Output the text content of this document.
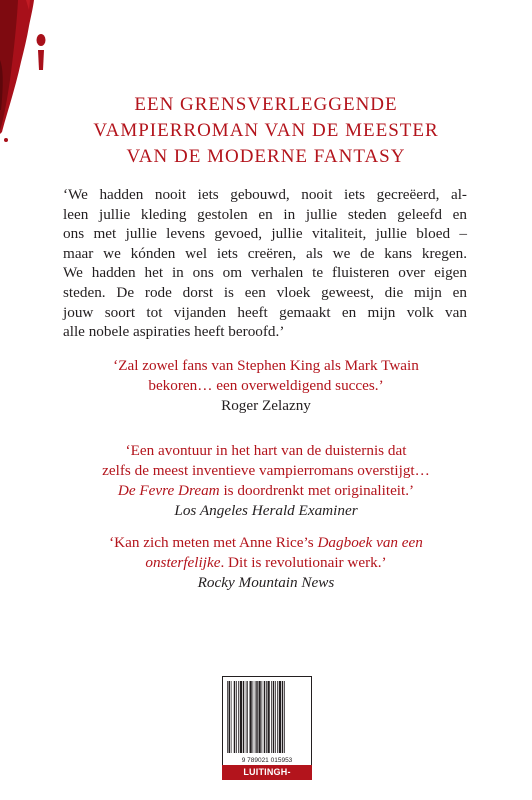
EEN GRENSVERLEGGENDE
VAMPIERROMAN VAN DE MEESTER
VAN DE MODERNE FANTASY
‘We hadden nooit iets gebouwd, nooit iets gecreëerd, al-
leen jullie kleding gestolen en in jullie steden geleefd en
ons met jullie levens gevoed, jullie vitaliteit, jullie bloed –
maar we kónden wel iets creëren, als we de kans kregen.
We hadden het in ons om verhalen te fluisteren over eigen
steden. De rode dorst is een vloek geweest, die mijn en
jouw soort tot vijanden heeft gemaakt en mijn volk van
alle nobele aspiraties heeft beroofd.’
‘Zal zowel fans van Stephen King als Mark Twain
bekoren… een overweldigend succes.’
Roger Zelazny
‘Een avontuur in het hart van de duisternis dat
zelfs de meest inventieve vampierromans overstijgt…
De Fevre Dream is doordrenkt met originaliteit.’
Los Angeles Herald Examiner
‘Kan zich meten met Anne Rice’s Dagboek van een
onsterfelijke. Dit is revolutionair werk.’
Rocky Mountain News
9 789021 015953
LUITINGH-SIJTHOFF
